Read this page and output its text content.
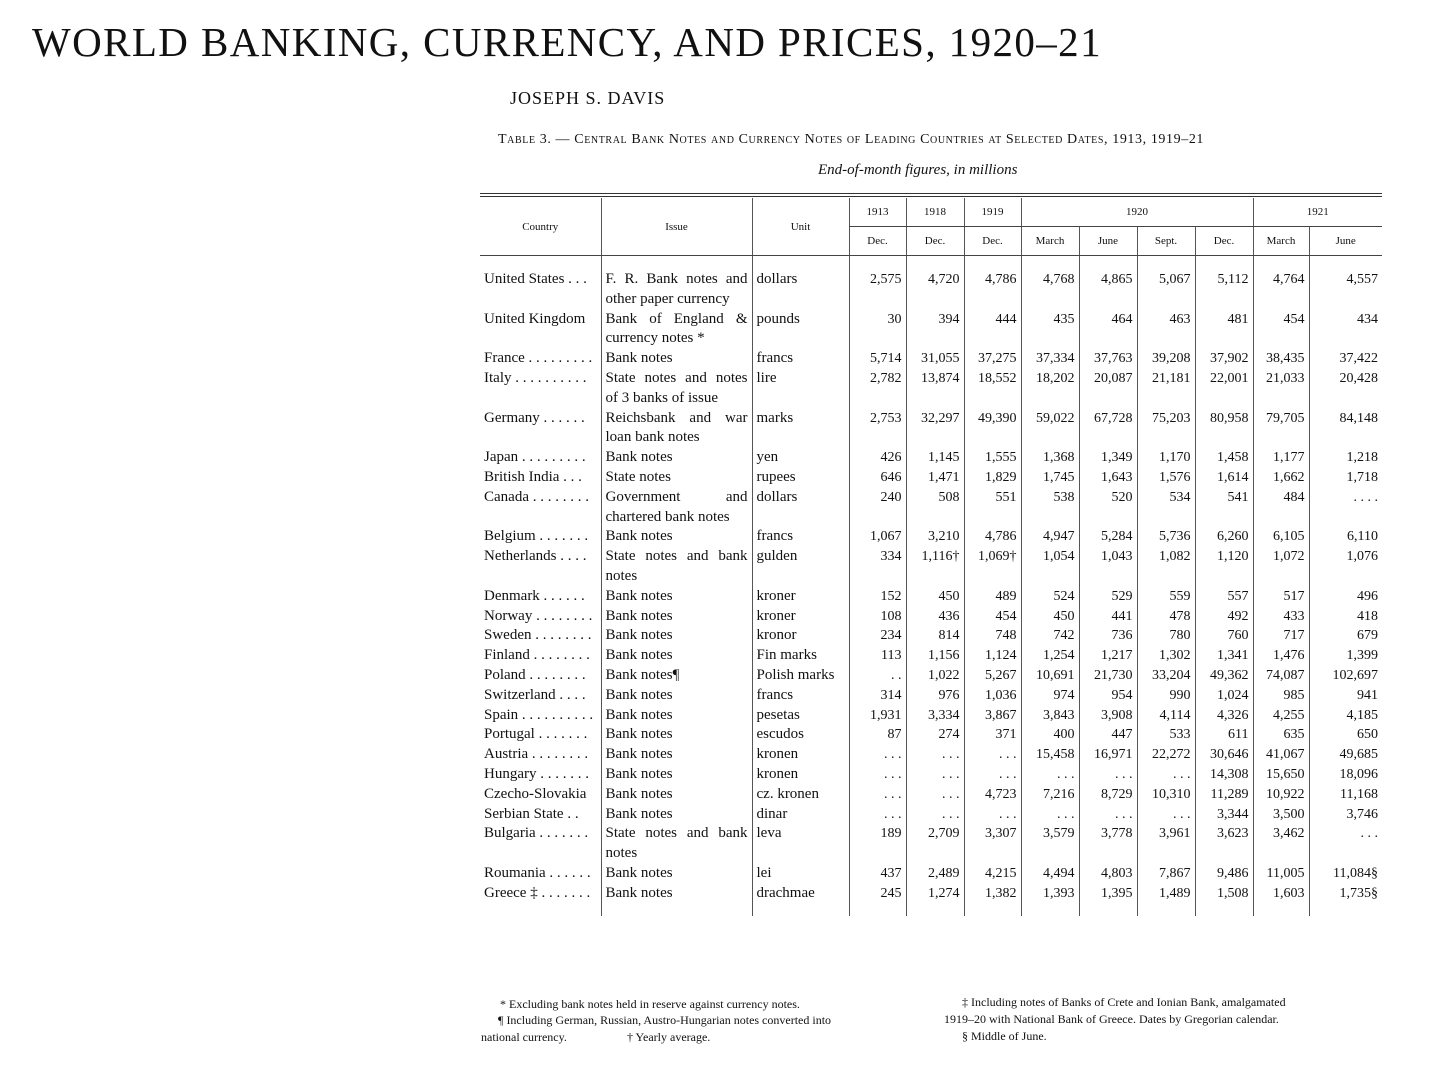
WORLD BANKING, CURRENCY, AND PRICES, 1920–21
JOSEPH S. DAVIS
Table 3. — Central Bank Notes and Currency Notes of Leading Countries at Selected Dates, 1913, 1919–21
End-of-month figures, in millions
Country	Issue	Unit	1913	1918	1919	1920				1921	
			Dec.	Dec.	Dec.	March	June	Sept.	Dec.	March	June

United States . . .	F. R. Bank notes and other paper currency	dollars	2,575	4,720	4,786	4,768	4,865	5,067	5,112	4,764	4,557
United Kingdom	Bank of England & currency notes *	pounds	30	394	444	435	464	463	481	454	434
France . . . . . . . . .	Bank notes	francs	5,714	31,055	37,275	37,334	37,763	39,208	37,902	38,435	37,422
Italy . . . . . . . . . .	State notes and notes of 3 banks of issue	lire	2,782	13,874	18,552	18,202	20,087	21,181	22,001	21,033	20,428
Germany . . . . . .	Reichsbank and war loan bank notes	marks	2,753	32,297	49,390	59,022	67,728	75,203	80,958	79,705	84,148
Japan . . . . . . . . .	Bank notes	yen	426	1,145	1,555	1,368	1,349	1,170	1,458	1,177	1,218
British India . . .	State notes	rupees	646	1,471	1,829	1,745	1,643	1,576	1,614	1,662	1,718
Canada . . . . . . . .	Government and chartered bank notes	dollars	240	508	551	538	520	534	541	484	. . . .
Belgium . . . . . . .	Bank notes	francs	1,067	3,210	4,786	4,947	5,284	5,736	6,260	6,105	6,110
Netherlands . . . .	State notes and bank notes	gulden	334	1,116†	1,069†	1,054	1,043	1,082	1,120	1,072	1,076
Denmark . . . . . .	Bank notes	kroner	152	450	489	524	529	559	557	517	496
Norway . . . . . . . .	Bank notes	kroner	108	436	454	450	441	478	492	433	418
Sweden . . . . . . . .	Bank notes	kronor	234	814	748	742	736	780	760	717	679
Finland . . . . . . . .	Bank notes	Fin marks	113	1,156	1,124	1,254	1,217	1,302	1,341	1,476	1,399
Poland . . . . . . . .	Bank notes¶	Polish marks	. .	1,022	5,267	10,691	21,730	33,204	49,362	74,087	102,697
Switzerland . . . .	Bank notes	francs	314	976	1,036	974	954	990	1,024	985	941
Spain . . . . . . . . . .	Bank notes	pesetas	1,931	3,334	3,867	3,843	3,908	4,114	4,326	4,255	4,185
Portugal . . . . . . .	Bank notes	escudos	87	274	371	400	447	533	611	635	650
Austria . . . . . . . .	Bank notes	kronen	. . .	. . .	. . .	15,458	16,971	22,272	30,646	41,067	49,685
Hungary . . . . . . .	Bank notes	kronen	. . .	. . .	. . .	. . .	. . .	. . .	14,308	15,650	18,096
Czecho-Slovakia	Bank notes	cz. kronen	. . .	. . .	4,723	7,216	8,729	10,310	11,289	10,922	11,168
Serbian State . .	Bank notes	dinar	. . .	. . .	. . .	. . .	. . .	. . .	3,344	3,500	3,746
Bulgaria . . . . . . .	State notes and bank notes	leva	189	2,709	3,307	3,579	3,778	3,961	3,623	3,462	. . .
Roumania . . . . . .	Bank notes	lei	437	2,489	4,215	4,494	4,803	7,867	9,486	11,005	11,084§
Greece ‡ . . . . . . .	Bank notes	drachmae	245	1,274	1,382	1,393	1,395	1,489	1,508	1,603	1,735§
* Excluding bank notes held in reserve against currency notes.
¶ Including German, Russian, Austro-Hungarian notes converted into
national currency.	† Yearly average.
‡ Including notes of Banks of Crete and Ionian Bank, amalgamated
1919–20 with National Bank of Greece. Dates by Gregorian calendar.
§ Middle of June.
